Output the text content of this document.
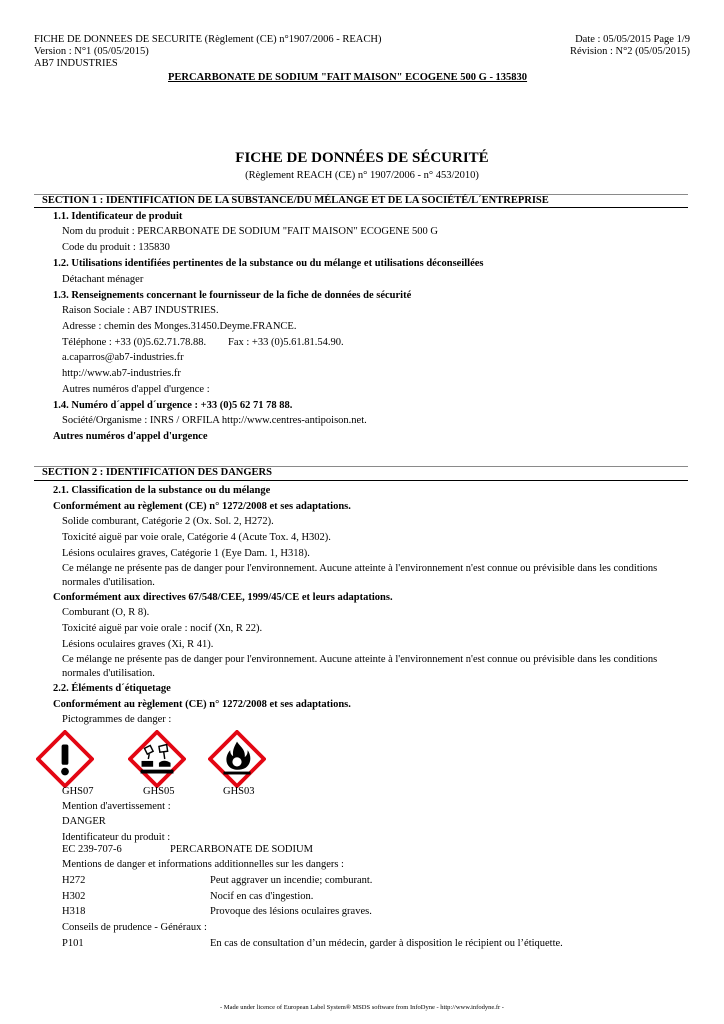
FICHE DE DONNEES DE SECURITE (Règlement (CE) n°1907/2006 - REACH)
Version : N°1 (05/05/2015)
AB7 INDUSTRIES
Date : 05/05/2015 Page 1/9
Révision : N°2 (05/05/2015)
PERCARBONATE DE SODIUM "FAIT MAISON" ECOGENE 500 G - 135830
FICHE DE DONNÉES DE SÉCURITÉ
(Règlement REACH (CE) n° 1907/2006 - n° 453/2010)
SECTION 1 : IDENTIFICATION DE LA SUBSTANCE/DU MÉLANGE ET DE LA SOCIÉTÉ/L´ENTREPRISE
1.1. Identificateur de produit
Nom du produit : PERCARBONATE DE SODIUM "FAIT MAISON" ECOGENE 500 G
Code du produit : 135830
1.2. Utilisations identifiées pertinentes de la substance ou du mélange et utilisations déconseillées
Détachant ménager
1.3. Renseignements concernant le fournisseur de la fiche de données de sécurité
Raison Sociale : AB7 INDUSTRIES.
Adresse : chemin des Monges.31450.Deyme.FRANCE.
Téléphone : +33 (0)5.62.71.78.88. Fax : +33 (0)5.61.81.54.90.
a.caparros@ab7-industries.fr
http://www.ab7-industries.fr
Autres numéros d'appel d'urgence :
1.4. Numéro d´appel d´urgence : +33 (0)5 62 71 78 88.
Société/Organisme : INRS / ORFILA http://www.centres-antipoison.net.
Autres numéros d'appel d'urgence
SECTION 2 : IDENTIFICATION DES DANGERS
2.1. Classification de la substance ou du mélange
Conformément au règlement (CE) n° 1272/2008 et ses adaptations.
Solide comburant, Catégorie 2 (Ox. Sol. 2, H272).
Toxicité aiguë par voie orale, Catégorie 4 (Acute Tox. 4, H302).
Lésions oculaires graves, Catégorie 1 (Eye Dam. 1, H318).
Ce mélange ne présente pas de danger pour l'environnement. Aucune atteinte à l'environnement n'est connue ou prévisible dans les conditions normales d'utilisation.
Conformément aux directives 67/548/CEE, 1999/45/CE et leurs adaptations.
Comburant (O, R 8).
Toxicité aiguë par voie orale : nocif (Xn, R 22).
Lésions oculaires graves (Xi, R 41).
Ce mélange ne présente pas de danger pour l'environnement. Aucune atteinte à l'environnement n'est connue ou prévisible dans les conditions normales d'utilisation.
2.2. Éléments d´étiquetage
Conformément au règlement (CE) n° 1272/2008 et ses adaptations.
Pictogrammes de danger :
GHS07	GHS05	GHS03
Mention d'avertissement :
DANGER
Identificateur du produit :
EC 239-707-6	PERCARBONATE DE SODIUM
Mentions de danger et informations additionnelles sur les dangers :
H272	Peut aggraver un incendie; comburant.
H302	Nocif en cas d'ingestion.
H318	Provoque des lésions oculaires graves.
Conseils de prudence - Généraux :
P101	En cas de consultation d’un médecin, garder à disposition le récipient ou l’étiquette.
- Made under licence of European Label System® MSDS software from InfoDyne - http://www.infodyne.fr -
